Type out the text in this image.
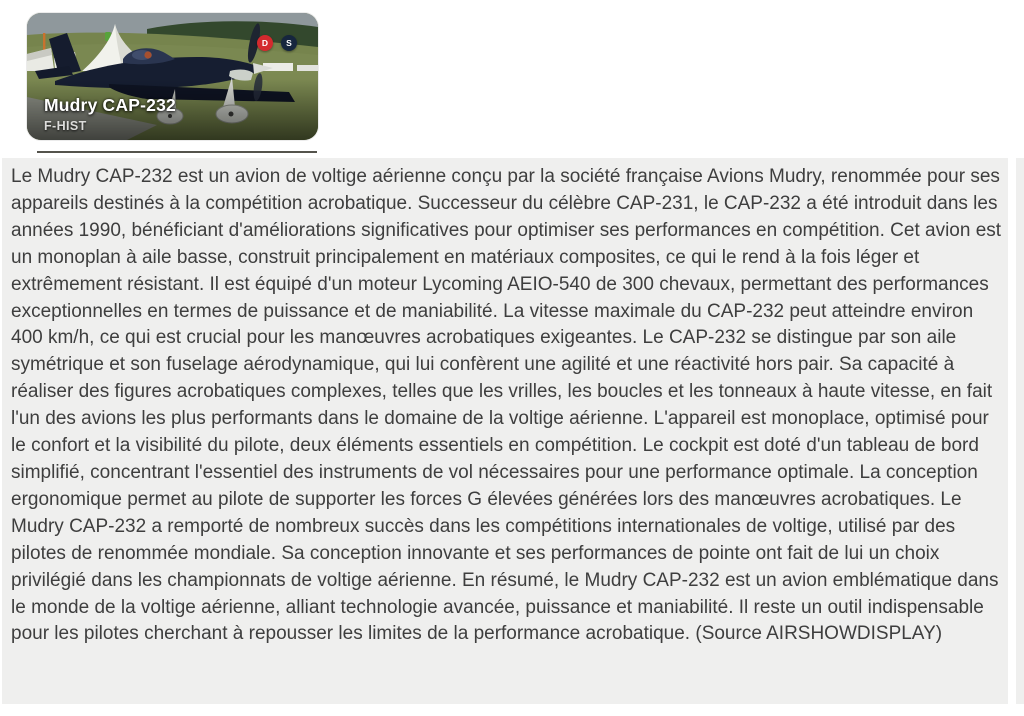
Mudry CAP-232
F-HIST
D S

Le Mudry CAP-232 est un avion de voltige aérienne conçu par la société française Avions Mudry, renommée pour ses appareils destinés à la compétition acrobatique. Successeur du célèbre CAP-231, le CAP-232 a été introduit dans les années 1990, bénéficiant d'améliorations significatives pour optimiser ses performances en compétition. Cet avion est un monoplan à aile basse, construit principalement en matériaux composites, ce qui le rend à la fois léger et extrêmement résistant. Il est équipé d'un moteur Lycoming AEIO-540 de 300 chevaux, permettant des performances exceptionnelles en termes de puissance et de maniabilité. La vitesse maximale du CAP-232 peut atteindre environ 400 km/h, ce qui est crucial pour les manœuvres acrobatiques exigeantes. Le CAP-232 se distingue par son aile symétrique et son fuselage aérodynamique, qui lui confèrent une agilité et une réactivité hors pair. Sa capacité à réaliser des figures acrobatiques complexes, telles que les vrilles, les boucles et les tonneaux à haute vitesse, en fait l'un des avions les plus performants dans le domaine de la voltige aérienne. L'appareil est monoplace, optimisé pour le confort et la visibilité du pilote, deux éléments essentiels en compétition. Le cockpit est doté d'un tableau de bord simplifié, concentrant l'essentiel des instruments de vol nécessaires pour une performance optimale. La conception ergonomique permet au pilote de supporter les forces G élevées générées lors des manœuvres acrobatiques. Le Mudry CAP-232 a remporté de nombreux succès dans les compétitions internationales de voltige, utilisé par des pilotes de renommée mondiale. Sa conception innovante et ses performances de pointe ont fait de lui un choix privilégié dans les championnats de voltige aérienne. En résumé, le Mudry CAP-232 est un avion emblématique dans le monde de la voltige aérienne, alliant technologie avancée, puissance et maniabilité. Il reste un outil indispensable pour les pilotes cherchant à repousser les limites de la performance acrobatique. (Source AIRSHOWDISPLAY)
